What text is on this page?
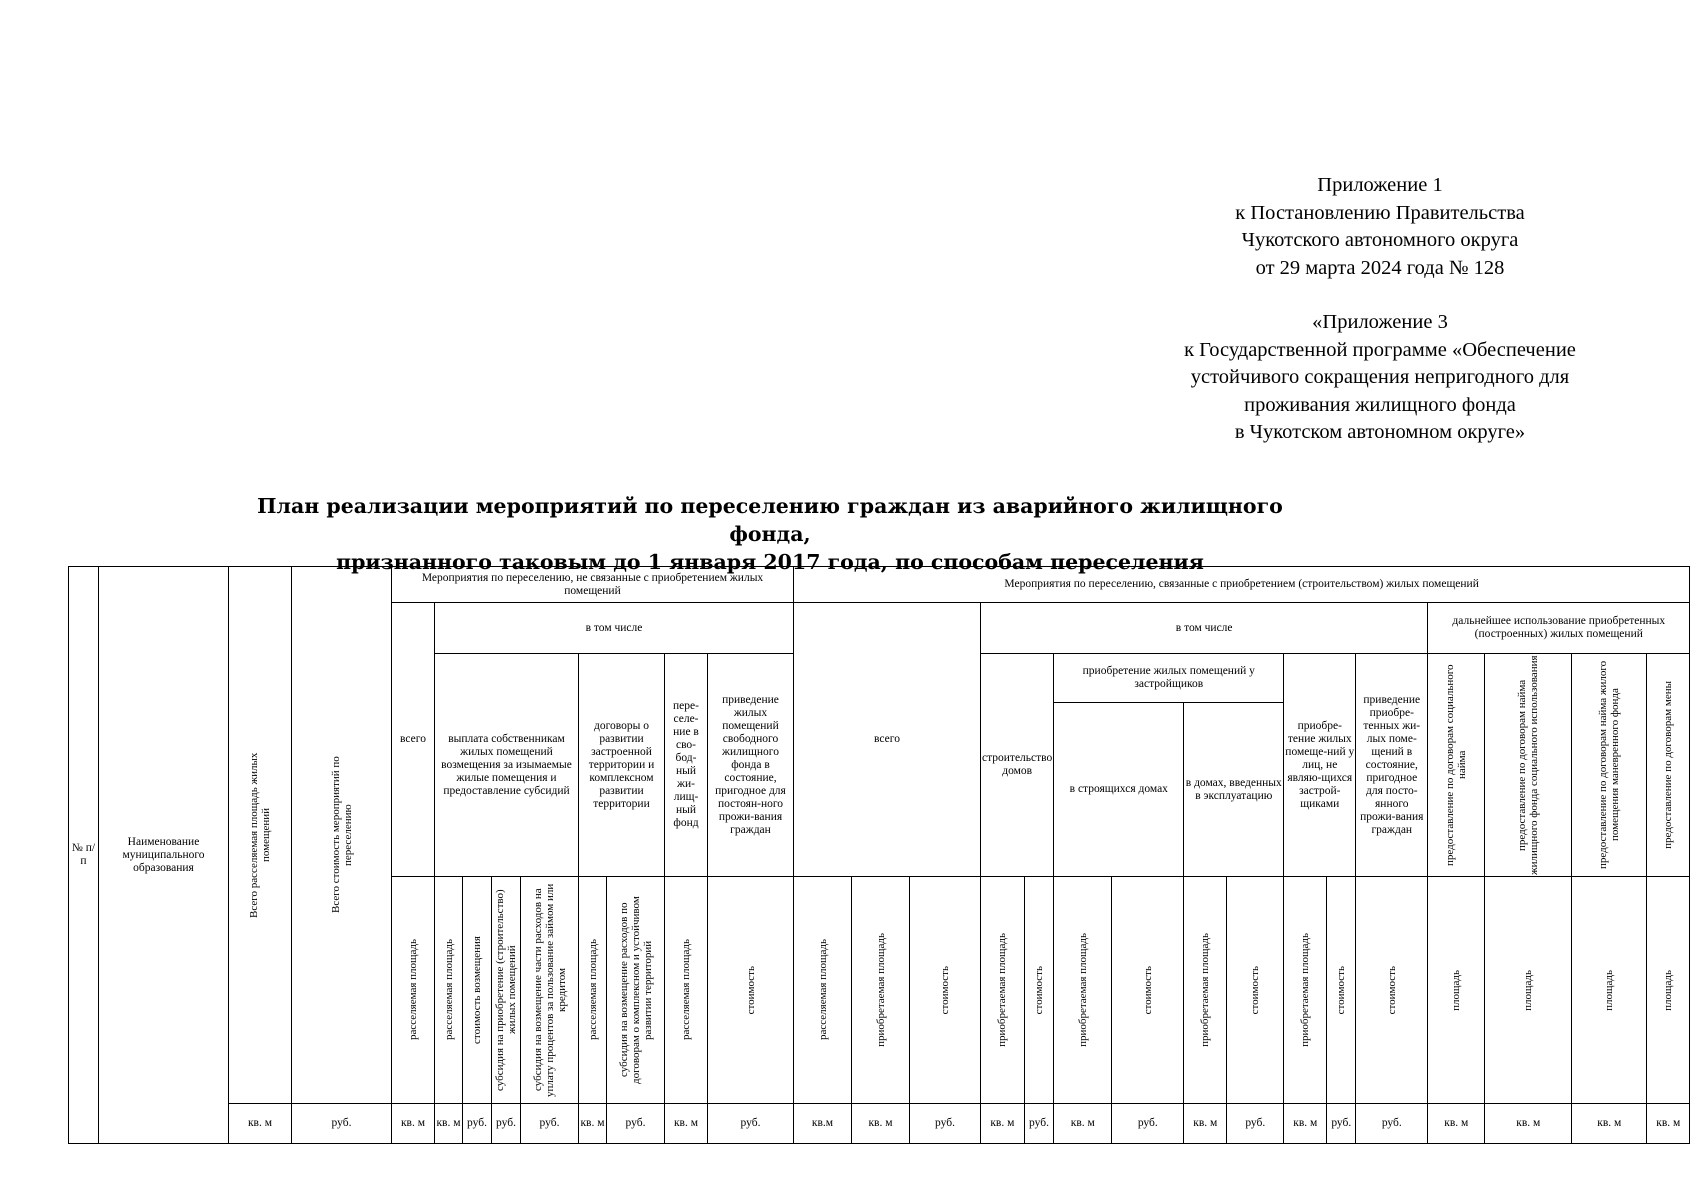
Приложение 1
к Постановлению Правительства
Чукотского автономного округа
от 29 марта 2024 года № 128
«Приложение 3
к Государственной программе «Обеспечение
устойчивого сокращения непригодного для
проживания жилищного фонда
в Чукотском автономном округе»
План реализации мероприятий по переселению граждан из аварийного жилищного фонда,
признанного таковым до 1 января 2017 года, по способам переселения
№ п/п	Наименование муниципального образования	Всего расселяемая площадь жилых помещений	Всего стоимость мероприятий по переселению	Мероприятия по переселению, не связанные с приобретением жилых помещений									Мероприятия по переселению, связанные с приобретением (строительством) жилых помещений															
				всего	в том числе								всего			в том числе									дальнейшее использование приобретенных (построенных) жилых помещений			
					выплата собственникам жилых помещений возмещения за изымаемые жилые помещения и предоставление субсидий				договоры о развитии застроенной территории и комплексном развитии территории		пере-селе-ние в сво-бод-ный жи-лищ-ный фонд	приведение жилых помещений свободного жилищного фонда в состояние, пригодное для постоян-ного прожи-вания граждан				строительство домов		приобретение жилых помещений у застройщиков				приобре-тение жилых помеще-ний у лиц, не являю-щихся застрой-щиками		приведение приобре-тенных жи-лых поме-щений в состояние, пригодное для посто-янного прожи-вания граждан	предоставление по договорам социального найма	предоставление по договорам найма жилищного фонда социального использования	предоставление по договорам найма жилого помещения маневренного фонда	предоставление по договорам мены

																		в строящихся домах		в домах, введенных в эксплуатацию								

				расселяемая площадь	расселяемая площадь	стоимость возмещения	субсидия на приобретение (строительство) жилых помещений	субсидия на возмещение части расходов на уплату процентов за пользование займом или кредитом	расселяемая площадь	субсидия на возмещение расходов по договорам о комплексном и устойчивом развитии территорий	расселяемая площадь	стоимость	расселяемая площадь	приобретаемая площадь	стоимость	приобретаемая площадь	стоимость	приобретаемая площадь	стоимость	приобретаемая площадь	стоимость	приобретаемая площадь	стоимость	стоимость	площадь	площадь	площадь	площадь

		кв. м	руб.	кв. м	кв. м	руб.	руб.	руб.	кв. м	руб.	кв. м	руб.	кв.м	кв. м	руб.	кв. м	руб.	кв. м	руб.	кв. м	руб.	кв. м	руб.	руб.	кв. м	кв. м	кв. м	кв. м
